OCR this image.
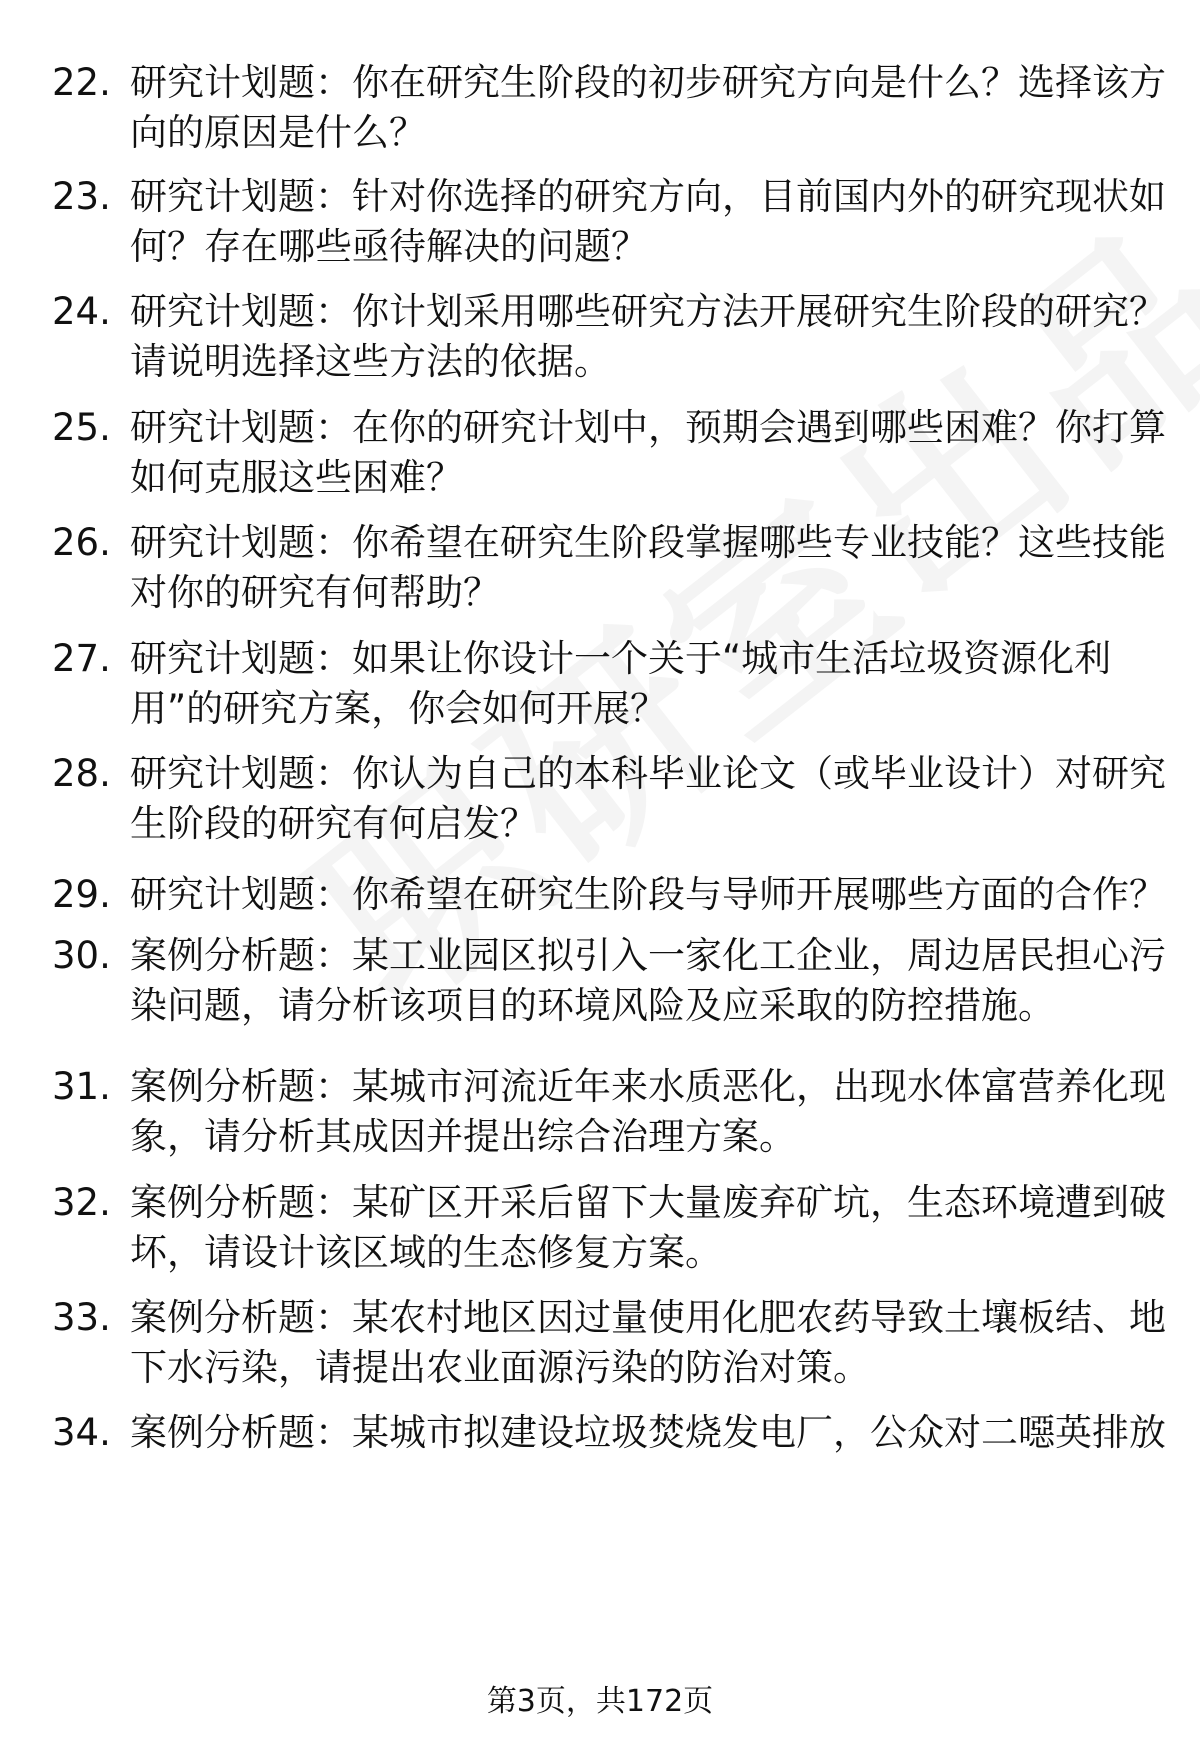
22. 研究计划题：你在研究生阶段的初步研究方向是什么？选择该方向的原因是什么？
23. 研究计划题：针对你选择的研究方向，目前国内外的研究现状如何？存在哪些亟待解决的问题？
24. 研究计划题：你计划采用哪些研究方法开展研究生阶段的研究？请说明选择这些方法的依据。
25. 研究计划题：在你的研究计划中，预期会遇到哪些困难？你打算如何克服这些困难？
26. 研究计划题：你希望在研究生阶段掌握哪些专业技能？这些技能对你的研究有何帮助？
27. 研究计划题：如果让你设计一个关于“城市生活垃圾资源化利用”的研究方案，你会如何开展？
28. 研究计划题：你认为自己的本科毕业论文（或毕业设计）对研究生阶段的研究有何启发？
29. 研究计划题：你希望在研究生阶段与导师开展哪些方面的合作？
30. 案例分析题：某工业园区拟引入一家化工企业，周边居民担心污染问题，请分析该项目的环境风险及应采取的防控措施。
31. 案例分析题：某城市河流近年来水质恶化，出现水体富营养化现象，请分析其成因并提出综合治理方案。
32. 案例分析题：某矿区开采后留下大量废弃矿坑，生态环境遭到破坏，请设计该区域的生态修复方案。
33. 案例分析题：某农村地区因过量使用化肥农药导致土壤板结、地下水污染，请提出农业面源污染的防治对策。
34. 案例分析题：某城市拟建设垃圾焚烧发电厂，公众对二噁英排放
第3页，共172页
